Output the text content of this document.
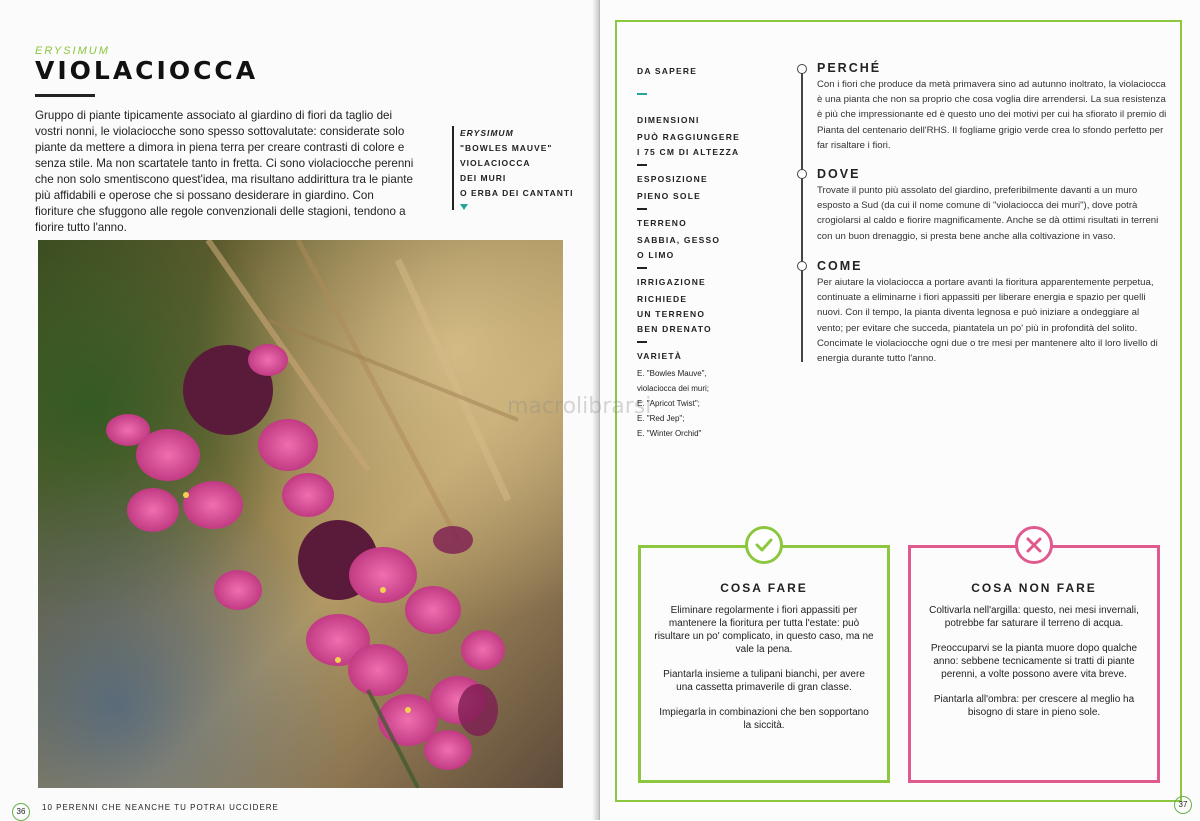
ERYSIMUM
VIOLACIOCCA
Gruppo di piante tipicamente associato al giardino di fiori da taglio dei vostri nonni, le violaciocche sono spesso sottovalutate: considerate solo piante da mettere a dimora in piena terra per creare contrasti di colore e senza stile. Ma non scartatele tanto in fretta. Ci sono violaciocche perenni che non solo smentiscono quest'idea, ma risultano addirittura tra le piante più affidabili e operose che si possano desiderare in giardino. Con fioriture che sfuggono alle regole convenzionali delle stagioni, tendono a fiorire tutto l'anno.
ERYSIMUM
"BOWLES MAUVE"
VIOLACIOCCA
DEI MURI
O ERBA DEI CANTANTI
36	10 PERENNI CHE NEANCHE TU POTRAI UCCIDERE
macrolibrarsi
DA SAPERE
DIMENSIONI
PUÒ RAGGIUNGERE
I 75 CM DI ALTEZZA
ESPOSIZIONE
PIENO SOLE
TERRENO
SABBIA, GESSO
O LIMO
IRRIGAZIONE
RICHIEDE
UN TERRENO
BEN DRENATO
VARIETÀ
E. "Bowles Mauve", violaciocca dei muri;
E. "Apricot Twist";
E. "Red Jep";
E. "Winter Orchid"
PERCHÉ
Con i fiori che produce da metà primavera sino ad autunno inoltrato, la violaciocca è una pianta che non sa proprio che cosa voglia dire arrendersi. La sua resistenza è più che impressionante ed è questo uno dei motivi per cui ha sfiorato il premio di Pianta del centenario dell'RHS. Il fogliame grigio verde crea lo sfondo perfetto per far risaltare i fiori.
DOVE
Trovate il punto più assolato del giardino, preferibilmente davanti a un muro esposto a Sud (da cui il nome comune di "violaciocca dei muri"), dove potrà crogiolarsi al caldo e fiorire magnificamente. Anche se dà ottimi risultati in terreni con un buon drenaggio, si presta bene anche alla coltivazione in vaso.
COME
Per aiutare la violaciocca a portare avanti la fioritura apparentemente perpetua, continuate a eliminarne i fiori appassiti per liberare energia e spazio per quelli nuovi. Con il tempo, la pianta diventa legnosa e può iniziare a ondeggiare al vento; per evitare che succeda, piantatela un po' più in profondità del solito. Concimate le violaciocche ogni due o tre mesi per mantenere alto il loro livello di energia durante tutto l'anno.
COSA FARE
Eliminare regolarmente i fiori appassiti per mantenere la fioritura per tutta l'estate: può risultare un po' complicato, in questo caso, ma ne vale la pena.
Piantarla insieme a tulipani bianchi, per avere una cassetta primaverile di gran classe.
Impiegarla in combinazioni che ben sopportano la siccità.
COSA NON FARE
Coltivarla nell'argilla: questo, nei mesi invernali, potrebbe far saturare il terreno di acqua.
Preoccuparvi se la pianta muore dopo qualche anno: sebbene tecnicamente si tratti di piante perenni, a volte possono avere vita breve.
Piantarla all'ombra: per crescere al meglio ha bisogno di stare in pieno sole.
37
